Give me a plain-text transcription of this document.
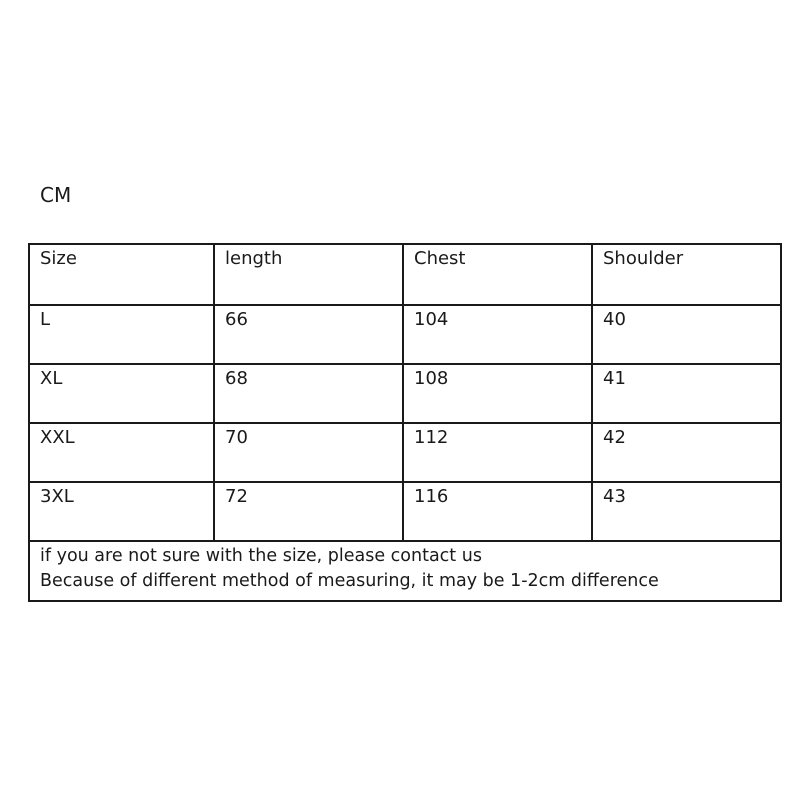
CM
Size	length	Chest	Shoulder
L	66	104	40
XL	68	108	41
XXL	70	112	42
3XL	72	116	43

if you are not sure with the size, please contact us
Because of different method of measuring, it may be 1-2cm difference			
